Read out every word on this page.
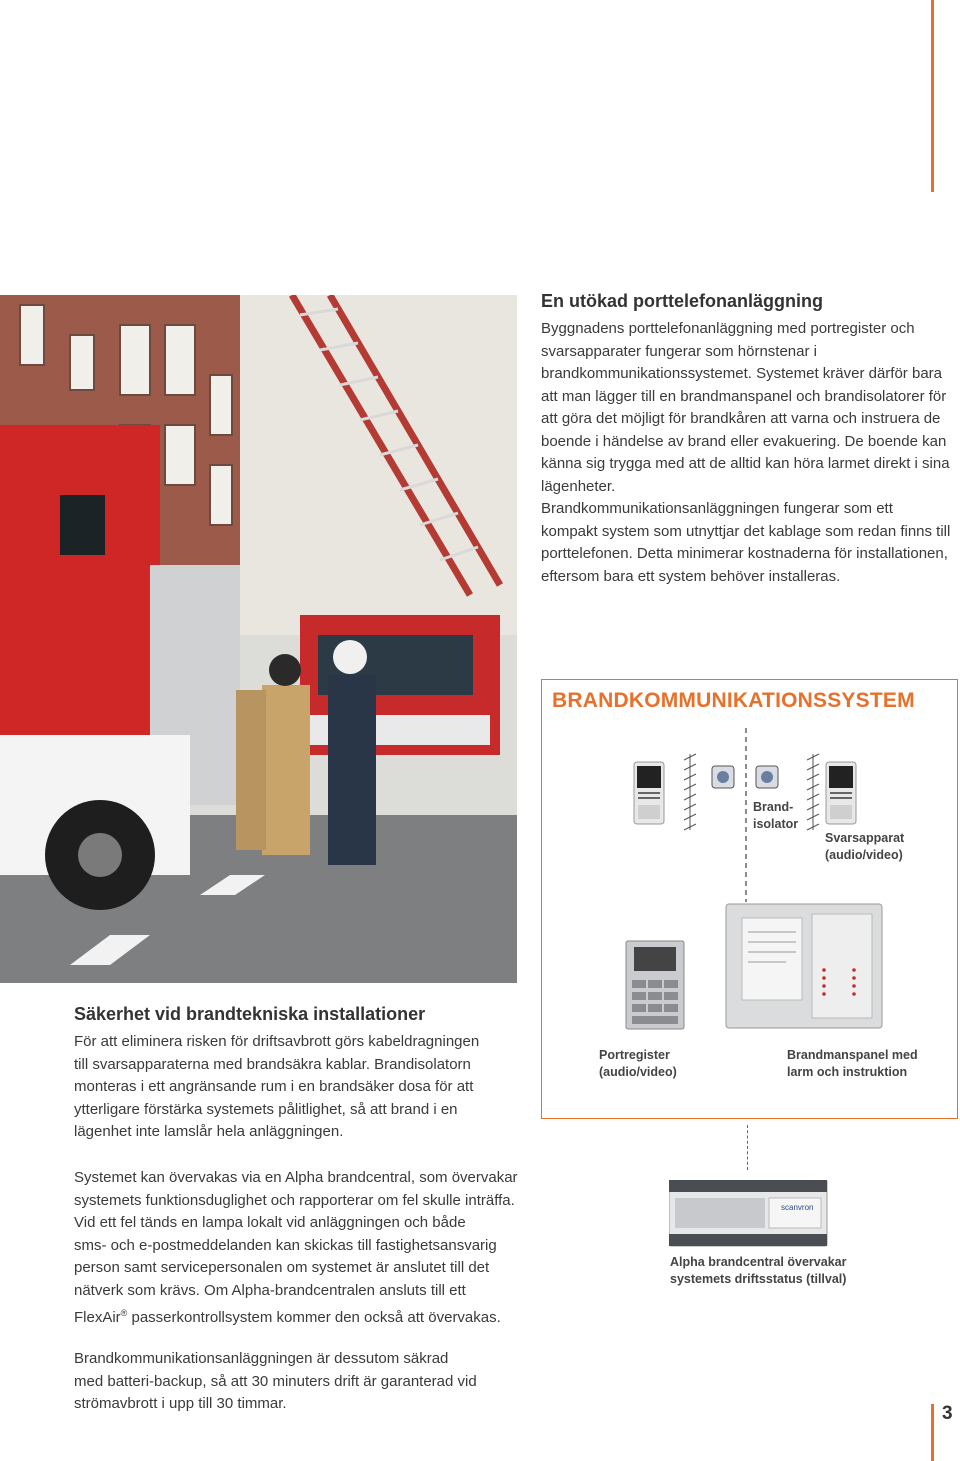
En utökad porttelefonanläggning

Byggnadens porttelefonanläggning med portregister och

svarsapparater fungerar som hörnstenar i

brandkommunikationssystemet. Systemet kräver därför bara

att man lägger till en brandmanspanel och brandisolatorer för

att göra det möjligt för brandkåren att varna och instruera de

boende i händelse av brand eller evakuering. De boende kan

känna sig trygga med att de alltid kan höra larmet direkt i sina

lägenheter.

Brandkommunikationsanläggningen fungerar som ett

kompakt system som utnyttjar det kablage som redan finns till

porttelefonen. Detta minimerar kostnaderna för installationen,

eftersom bara ett system behöver installeras.

BRANDKOMMUNIKATIONSSYSTEM
Brand-
isolator
Svarsapparat
(audio/video)
Portregister
(audio/video)
Brandmanspanel med
larm och instruktion
scanvron
Alpha brandcentral övervakar
systemets driftsstatus (tillval)
Säkerhet vid brandtekniska installationer

För att eliminera risken för driftsavbrott görs kabeldragningen

till svarsapparaterna med brandsäkra kablar. Brandisolatorn

monteras i ett angränsande rum i en brandsäker dosa för att

ytterligare förstärka systemets pålitlighet, så att brand i en

lägenhet inte lamslår hela anläggningen.

Systemet kan övervakas via en Alpha brandcentral, som övervakar

systemets funktionsduglighet och rapporterar om fel skulle inträffa.

Vid ett fel tänds en lampa lokalt vid anläggningen och både

sms- och e-postmeddelanden kan skickas till fastighetsansvarig

person samt servicepersonalen om systemet är anslutet till det

nätverk som krävs. Om Alpha-brandcentralen ansluts till ett

FlexAir® passerkontrollsystem kommer den också att övervakas.

Brandkommunikationsanläggningen är dessutom säkrad

med batteri-backup, så att 30 minuters drift är garanterad vid

strömavbrott i upp till 30 timmar.	3
